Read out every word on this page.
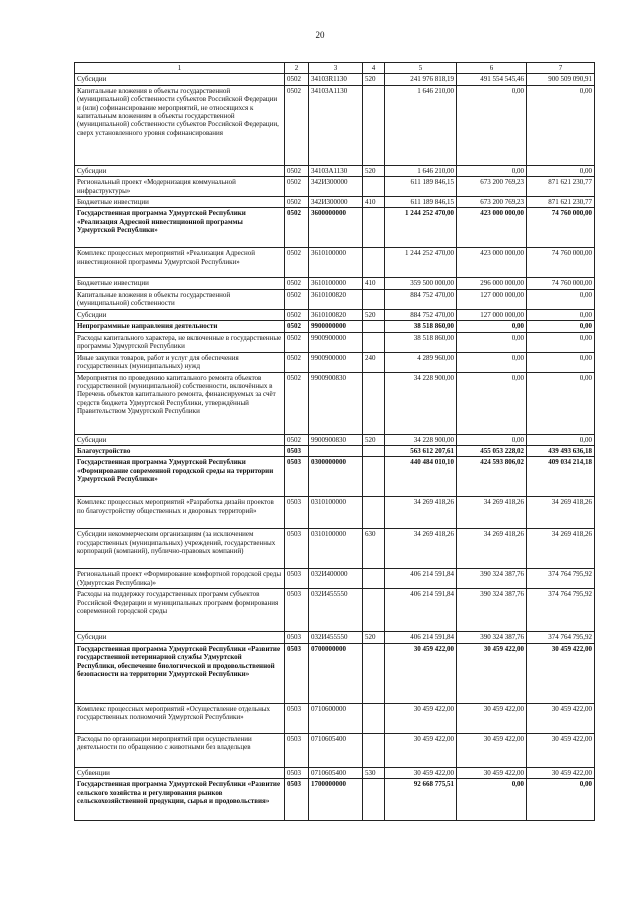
20
1	2	3	4	5	6	7
Субсидии	0502	34103R1130	520	241 976 818,19	491 554 545,46	900 509 090,91
Капитальные вложения в объекты государственной (муниципальной) собственности субъектов Российской Федерации и (или) софинансирование мероприятий, не относящихся к капитальным вложениям в объекты государственной (муниципальной) собственности субъектов Российской Федерации, сверх установленного уровня софинансирования	0502	34103A1130		1 646 210,00	0,00	0,00
Субсидии	0502	34103A1130	520	1 646 210,00	0,00	0,00
Региональный проект «Модернизация коммунальной инфраструктуры»	0502	342И300000		611 189 846,15	673 200 769,23	871 621 230,77
Бюджетные инвестиции	0502	342И300000	410	611 189 846,15	673 200 769,23	871 621 230,77
Государственная программа Удмуртской Республики «Реализация Адресной инвестиционной программы Удмуртской Республики»	0502	3600000000		1 244 252 470,00	423 000 000,00	74 760 000,00
Комплекс процессных мероприятий «Реализация Адресной инвестиционной программы Удмуртской Республики»	0502	3610100000		1 244 252 470,00	423 000 000,00	74 760 000,00
Бюджетные инвестиции	0502	3610100000	410	359 500 000,00	296 000 000,00	74 760 000,00
Капитальные вложения в объекты государственной (муниципальной) собственности	0502	3610100820		884 752 470,00	127 000 000,00	0,00
Субсидии	0502	3610100820	520	884 752 470,00	127 000 000,00	0,00
Непрограммные направления деятельности	0502	9900000000		38 518 860,00	0,00	0,00
Расходы капитального характера, не включенные в государственные программы Удмуртской Республики	0502	9900900000		38 518 860,00	0,00	0,00
Иные закупки товаров, работ и услуг для обеспечения государственных (муниципальных) нужд	0502	9900900000	240	4 289 960,00	0,00	0,00
Мероприятия по проведению капитального ремонта объектов государственной (муниципальной) собственности, включённых в Перечень объектов капитального ремонта, финансируемых за счёт средств бюджета Удмуртской Республики, утверждённый Правительством Удмуртской Республики	0502	9900900830		34 228 900,00	0,00	0,00
Субсидии	0502	9900900830	520	34 228 900,00	0,00	0,00
Благоустройство	0503			563 612 207,61	455 053 228,02	439 493 636,18
Государственная программа Удмуртской Республики «Формирование современной городской среды на территории Удмуртской Республики»	0503	0300000000		440 484 010,10	424 593 806,02	409 034 214,18
Комплекс процессных мероприятий «Разработка дизайн проектов по благоустройству общественных и дворовых территорий»	0503	0310100000		34 269 418,26	34 269 418,26	34 269 418,26
Субсидии некоммерческим организациям (за исключением государственных (муниципальных) учреждений, государственных корпораций (компаний), публично-правовых компаний)	0503	0310100000	630	34 269 418,26	34 269 418,26	34 269 418,26
Региональный проект «Формирование комфортной городской среды (Удмуртская Республика)»	0503	032И400000		406 214 591,84	390 324 387,76	374 764 795,92
Расходы на поддержку государственных программ субъектов Российской Федерации и муниципальных программ формирования современной городской среды	0503	032И455550		406 214 591,84	390 324 387,76	374 764 795,92
Субсидии	0503	032И455550	520	406 214 591,84	390 324 387,76	374 764 795,92
Государственная программа Удмуртской Республики «Развитие государственной ветеринарной службы Удмуртской Республики, обеспечение биологической и продовольственной безопасности на территории Удмуртской Республики»	0503	0700000000		30 459 422,00	30 459 422,00	30 459 422,00
Комплекс процессных мероприятий «Осуществление отдельных государственных полномочий Удмуртской Республики»	0503	0710600000		30 459 422,00	30 459 422,00	30 459 422,00
Расходы по организации мероприятий при осуществлении деятельности по обращению с животными без владельцев	0503	0710605400		30 459 422,00	30 459 422,00	30 459 422,00
Субвенции	0503	0710605400	530	30 459 422,00	30 459 422,00	30 459 422,00
Государственная программа Удмуртской Республики «Развитие сельского хозяйства и регулирования рынков сельскохозяйственной продукции, сырья и продовольствия»	0503	1700000000		92 668 775,51	0,00	0,00
